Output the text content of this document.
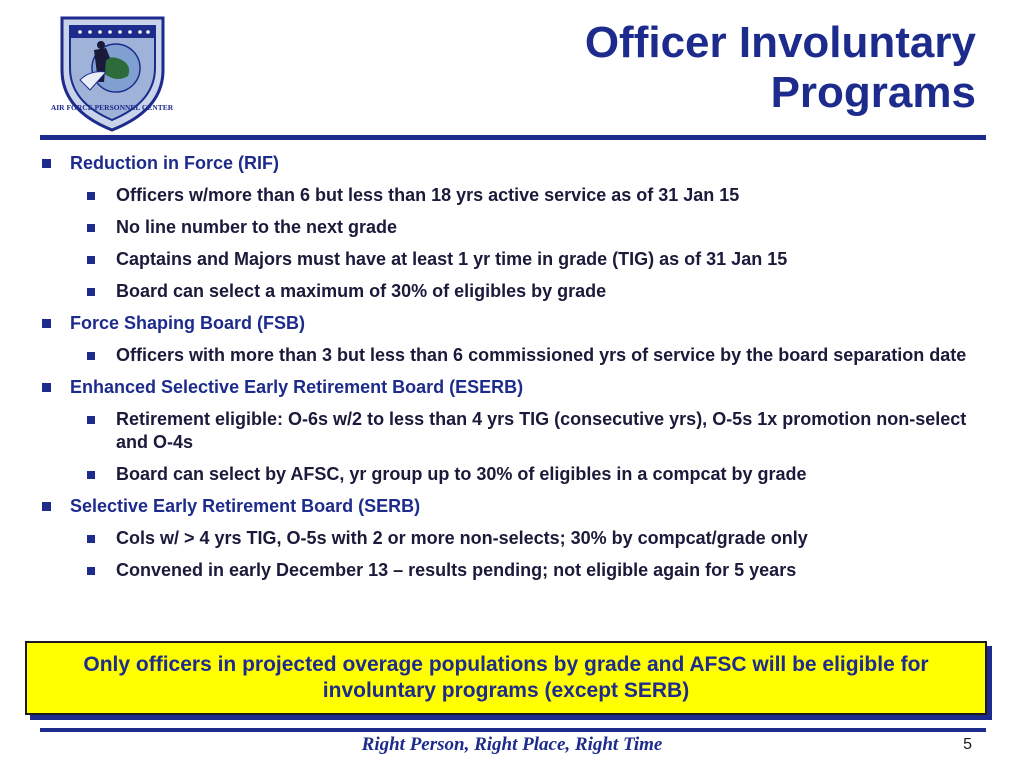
AIR FORCE PERSONNEL CENTER
Officer Involuntary
Programs
Reduction in Force (RIF)
Officers w/more than 6 but less than 18 yrs active service as of 31 Jan 15
No line number to the next grade
Captains and Majors must have at least 1 yr time in grade (TIG) as of 31 Jan 15
Board can select a maximum of 30% of eligibles by grade
Force Shaping Board (FSB)
Officers with more than 3 but less than 6 commissioned yrs of service by the board separation date
Enhanced Selective Early Retirement Board (ESERB)
Retirement eligible: O-6s w/2 to less than 4 yrs TIG (consecutive yrs), O-5s 1x promotion non-select and O-4s
Board can select by AFSC, yr group up to 30% of eligibles in a compcat by grade
Selective Early Retirement Board (SERB)
Cols w/ > 4 yrs TIG, O-5s with 2 or more non-selects; 30% by compcat/grade only
Convened in early December 13 – results pending; not eligible again for 5 years
Only officers in projected overage populations by grade and AFSC will be eligible for involuntary programs (except SERB)
Right Person, Right Place, Right Time	5
